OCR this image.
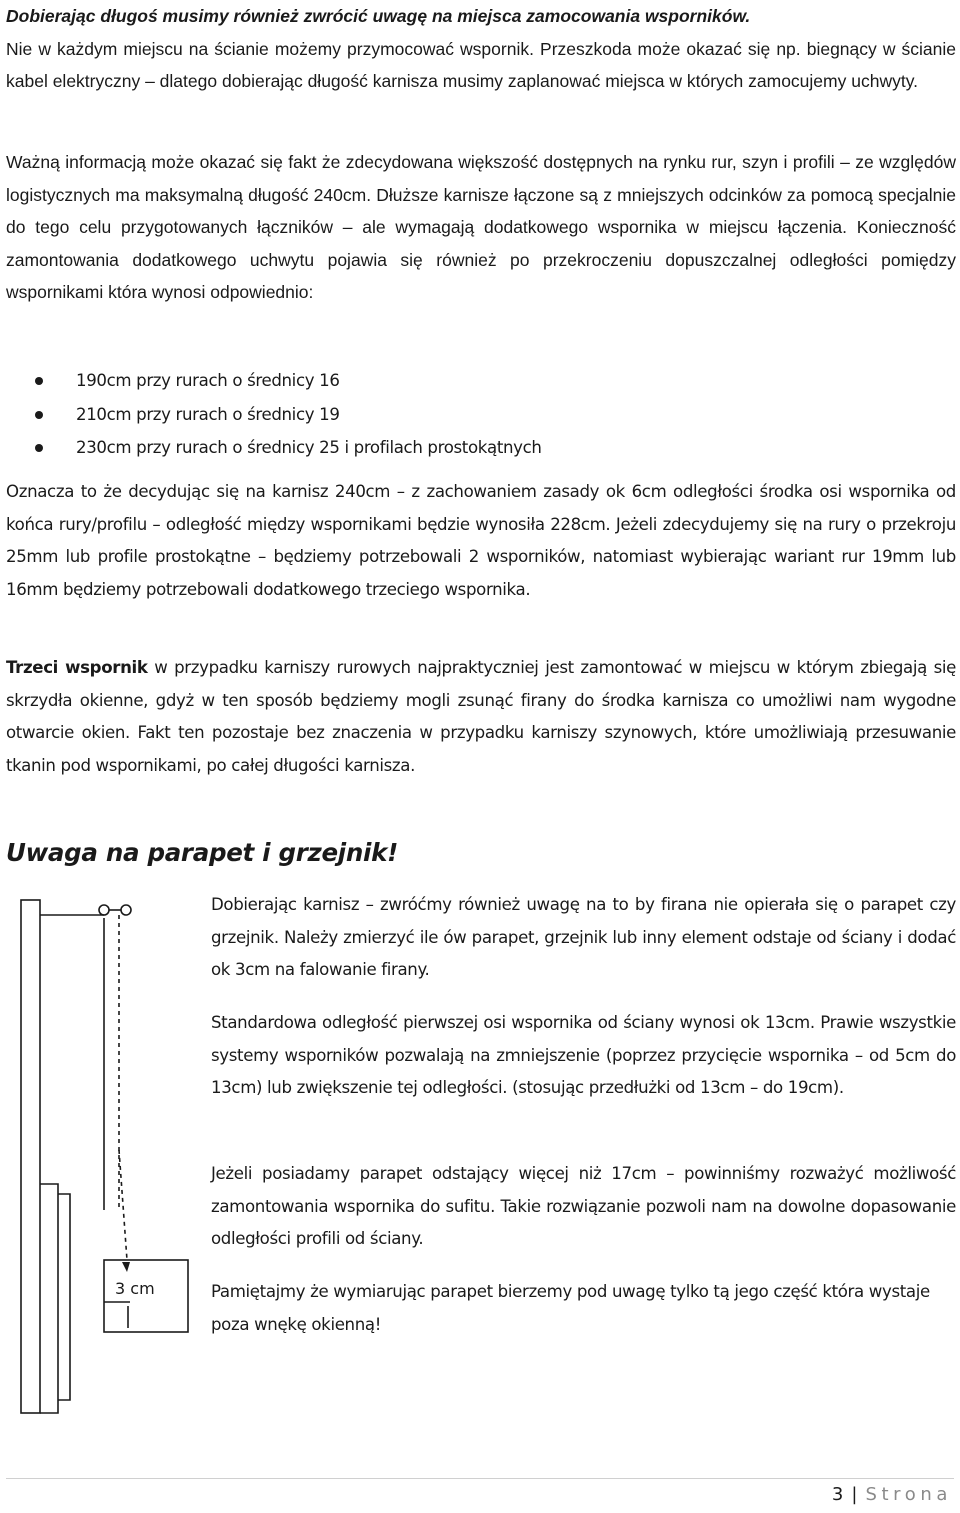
Dobierając długoś musimy również zwrócić uwagę na miejsca zamocowania wsporników.
Nie w każdym miejscu na ścianie możemy przymocować wspornik. Przeszkoda może okazać się np. biegnący w ścianie kabel elektryczny – dlatego dobierając długość karnisza musimy zaplanować miejsca w których zamocujemy uchwyty.

Ważną informacją może okazać się fakt że zdecydowana większość dostępnych na rynku rur, szyn i profili – ze względów logistycznych ma maksymalną długość 240cm. Dłuższe karnisze łączone są z mniejszych odcinków za pomocą specjalnie do tego celu przygotowanych łączników – ale wymagają dodatkowego wspornika w miejscu łączenia. Konieczność zamontowania dodatkowego uchwytu pojawia się również po przekroczeniu dopuszczalnej odległości pomiędzy wspornikami która wynosi odpowiednio:

190cm przy rurach o średnicy 16
210cm przy rurach o średnicy 19
230cm przy rurach o średnicy 25 i profilach prostokątnych

Oznacza to że decydując się na karnisz 240cm – z zachowaniem zasady ok 6cm odległości środka osi wspornika od końca rury/profilu – odległość między wspornikami będzie wynosiła 228cm. Jeżeli zdecydujemy się na rury o przekroju 25mm lub profile prostokątne – będziemy potrzebowali 2 wsporników, natomiast wybierając wariant rur 19mm lub 16mm będziemy potrzebowali dodatkowego trzeciego wspornika.

Trzeci wspornik w przypadku karniszy rurowych najpraktyczniej jest zamontować w miejscu w którym zbiegają się skrzydła okienne, gdyż w ten sposób będziemy mogli zsunąć firany do środka karnisza co umożliwi nam wygodne otwarcie okien. Fakt ten pozostaje bez znaczenia w przypadku karniszy szynowych, które umożliwiają przesuwanie tkanin pod wspornikami, po całej długości karnisza.

Uwaga na parapet i grzejnik!

Dobierając karnisz – zwróćmy również uwagę na to by firana nie opierała się o parapet czy grzejnik. Należy zmierzyć ile ów parapet, grzejnik lub inny element odstaje od ściany i dodać ok 3cm na falowanie firany.

Standardowa odległość pierwszej osi wspornika od ściany wynosi ok 13cm. Prawie wszystkie systemy wsporników pozwalają na zmniejszenie (poprzez przycięcie wspornika – od 5cm do 13cm) lub zwiększenie tej odległości. (stosując przedłużki od 13cm – do 19cm).

Jeżeli posiadamy parapet odstający więcej niż 17cm – powinniśmy rozważyć możliwość zamontowania wspornika do sufitu. Takie rozwiązanie pozwoli nam na dowolne dopasowanie odległości profili od ściany.

Pamiętajmy że wymiarując parapet bierzemy pod uwagę tylko tą jego część która wystaje poza wnękę okienną!

3 cm
3 | Strona
